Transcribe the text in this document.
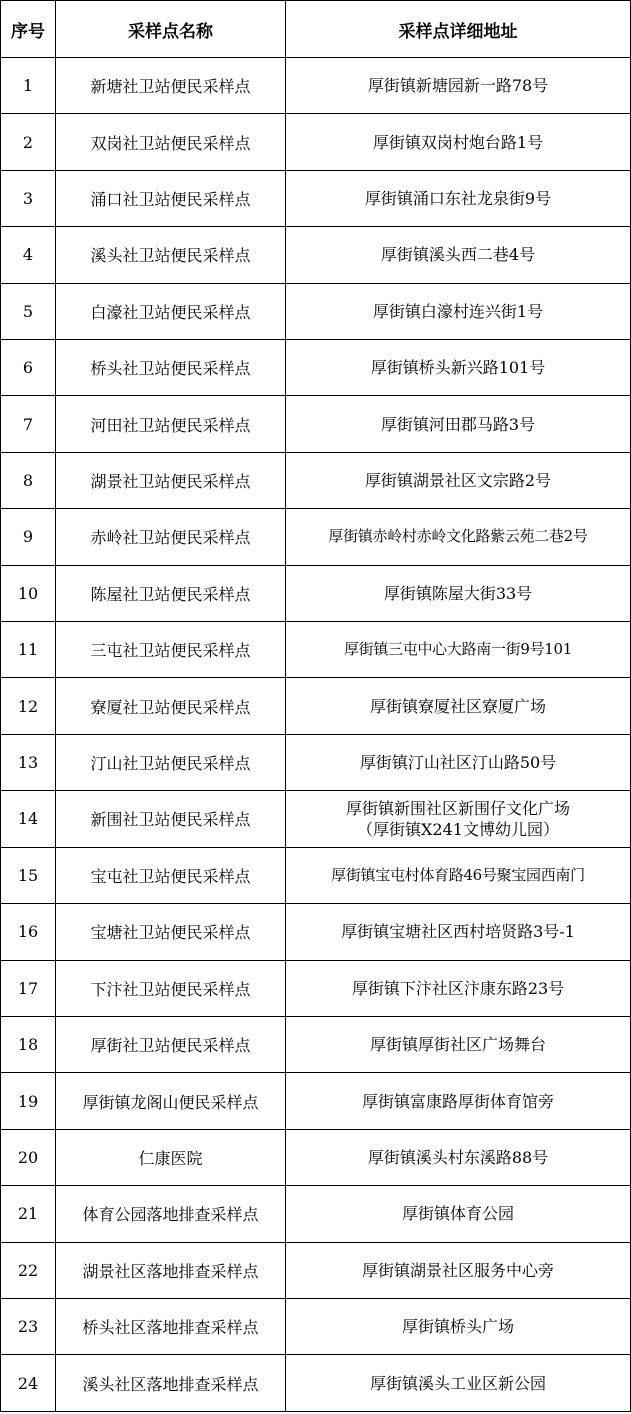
序号	采样点名称	采样点详细地址
1	新塘社卫站便民采样点	厚街镇新塘园新一路78号

2	双岗社卫站便民采样点	厚街镇双岗村炮台路1号

3	涌口社卫站便民采样点	厚街镇涌口东社龙泉街9号

4	溪头社卫站便民采样点	厚街镇溪头西二巷4号

5	白濠社卫站便民采样点	厚街镇白濠村连兴街1号

6	桥头社卫站便民采样点	厚街镇桥头新兴路101号

7	河田社卫站便民采样点	厚街镇河田郡马路3号

8	湖景社卫站便民采样点	厚街镇湖景社区文宗路2号

9	赤岭社卫站便民采样点	厚街镇赤岭村赤岭文化路紫云苑二巷2号

10	陈屋社卫站便民采样点	厚街镇陈屋大街33号

11	三屯社卫站便民采样点	厚街镇三屯中心大路南一街9号101

12	寮厦社卫站便民采样点	厚街镇寮厦社区寮厦广场

13	汀山社卫站便民采样点	厚街镇汀山社区汀山路50号

14	新围社卫站便民采样点	厚街镇新围社区新围仔文化广场
（厚街镇X241文博幼儿园）

15	宝屯社卫站便民采样点	厚街镇宝屯村体育路46号聚宝园西南门

16	宝塘社卫站便民采样点	厚街镇宝塘社区西村培贤路3号-1

17	下汴社卫站便民采样点	厚街镇下汴社区汴康东路23号

18	厚街社卫站便民采样点	厚街镇厚街社区广场舞台

19	厚街镇龙阁山便民采样点	厚街镇富康路厚街体育馆旁

20	仁康医院	厚街镇溪头村东溪路88号

21	体育公园落地排查采样点	厚街镇体育公园

22	湖景社区落地排查采样点	厚街镇湖景社区服务中心旁

23	桥头社区落地排查采样点	厚街镇桥头广场

24	溪头社区落地排查采样点	厚街镇溪头工业区新公园
